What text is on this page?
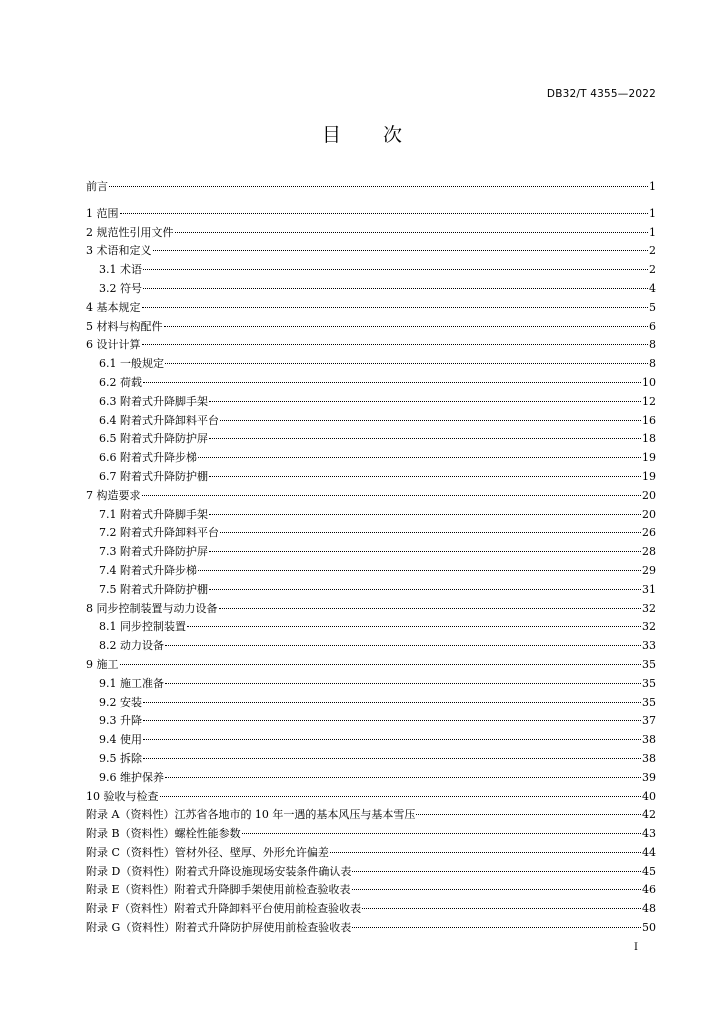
DB32/T 4355—2022
目 次
前言	1
1 范围	1
2 规范性引用文件	1
3 术语和定义	2
3.1 术语	2
3.2 符号	4
4 基本规定	5
5 材料与构配件	6
6 设计计算	8
6.1 一般规定	8
6.2 荷载	10
6.3 附着式升降脚手架	12
6.4 附着式升降卸料平台	16
6.5 附着式升降防护屏	18
6.6 附着式升降步梯	19
6.7 附着式升降防护棚	19
7 构造要求	20
7.1 附着式升降脚手架	20
7.2 附着式升降卸料平台	26
7.3 附着式升降防护屏	28
7.4 附着式升降步梯	29
7.5 附着式升降防护棚	31
8 同步控制装置与动力设备	32
8.1 同步控制装置	32
8.2 动力设备	33
9 施工	35
9.1 施工准备	35
9.2 安装	35
9.3 升降	37
9.4 使用	38
9.5 拆除	38
9.6 维护保养	39
10 验收与检查	40
附录 A（资料性）江苏省各地市的 10 年一遇的基本风压与基本雪压	42
附录 B（资料性）螺栓性能参数	43
附录 C（资料性）管材外径、壁厚、外形允许偏差	44
附录 D（资料性）附着式升降设施现场安装条件确认表	45
附录 E（资料性）附着式升降脚手架使用前检查验收表	46
附录 F（资料性）附着式升降卸料平台使用前检查验收表	48
附录 G（资料性）附着式升降防护屏使用前检查验收表	50
I
